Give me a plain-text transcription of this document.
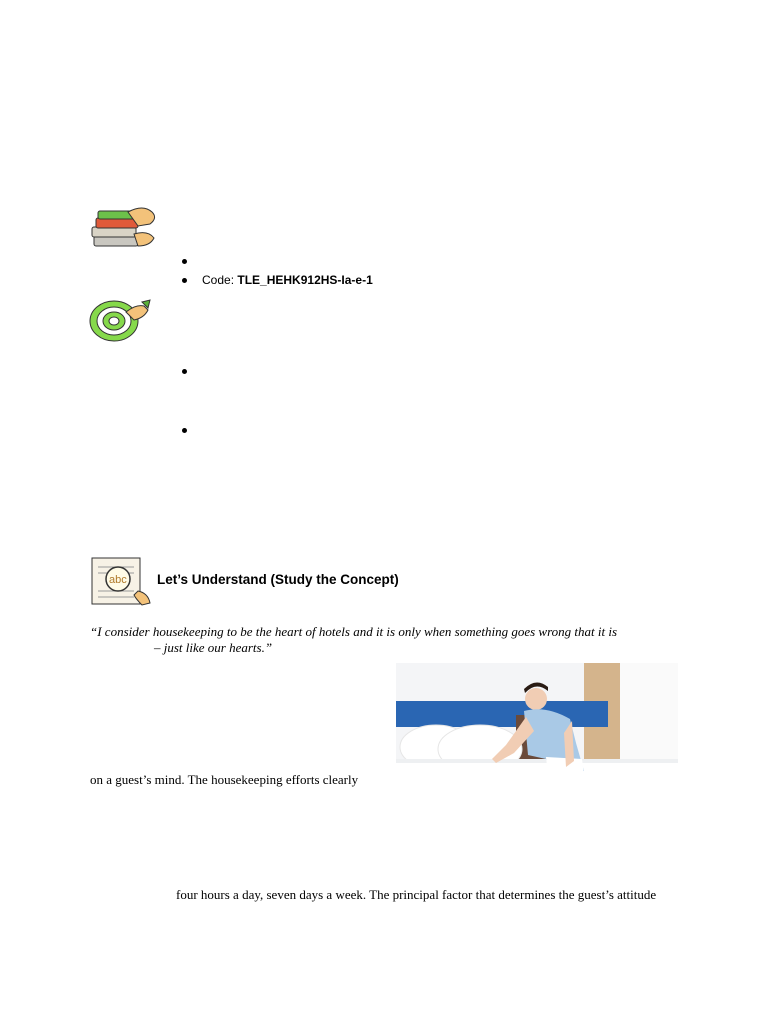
Code: TLE_HEHK912HS-Ia-e-1
abc Let’s Understand (Study the Concept)
“I consider housekeeping to be the heart of hotels and it is only when something goes wrong that it is
– just like our hearts.”
on a guest’s mind. The housekeeping efforts clearly
four hours a day, seven days a week. The principal factor that determines the guest’s attitude
